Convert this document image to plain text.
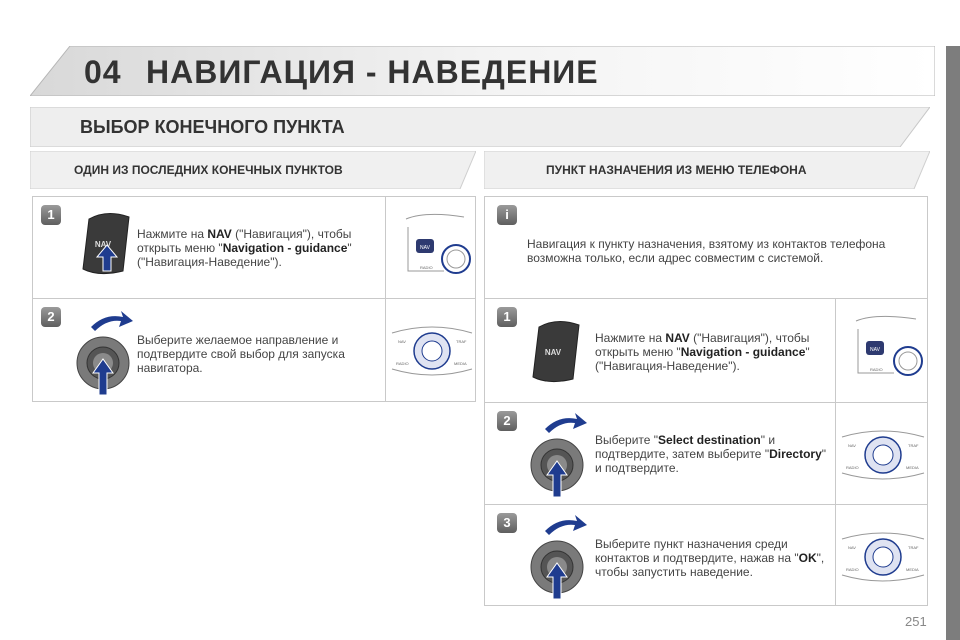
04 НАВИГАЦИЯ - НАВЕДЕНИЕ
ВЫБОР КОНЕЧНОГО ПУНКТА
ОДИН ИЗ ПОСЛЕДНИХ КОНЕЧНЫХ ПУНКТОВ	ПУНКТ НАЗНАЧЕНИЯ ИЗ МЕНЮ ТЕЛЕФОНА
1
NAV
Нажмите на NAV ("Навигация"), чтобы открыть меню "Navigation - guidance" ("Навигация-Наведение").
NAV
RADIO
2
Выберите желаемое направление и подтвердите свой выбор для запуска навигатора.
NAV	TRAF
RADIO	MEDIA
i
Навигация к пункту назначения, взятому из контактов телефона возможна только, если адрес совместим с системой.
1
NAV
Нажмите на NAV ("Навигация"), чтобы открыть меню "Navigation - guidance" ("Навигация-Наведение").
NAV
RADIO
2
Выберите "Select destination" и подтвердите, затем выберите "Directory" и подтвердите.
NAV	TRAF
RADIO	MEDIA
3
Выберите пункт назначения среди контактов и подтвердите, нажав на "OK", чтобы запустить наведение.
NAV	TRAF
RADIO	MEDIA
251
